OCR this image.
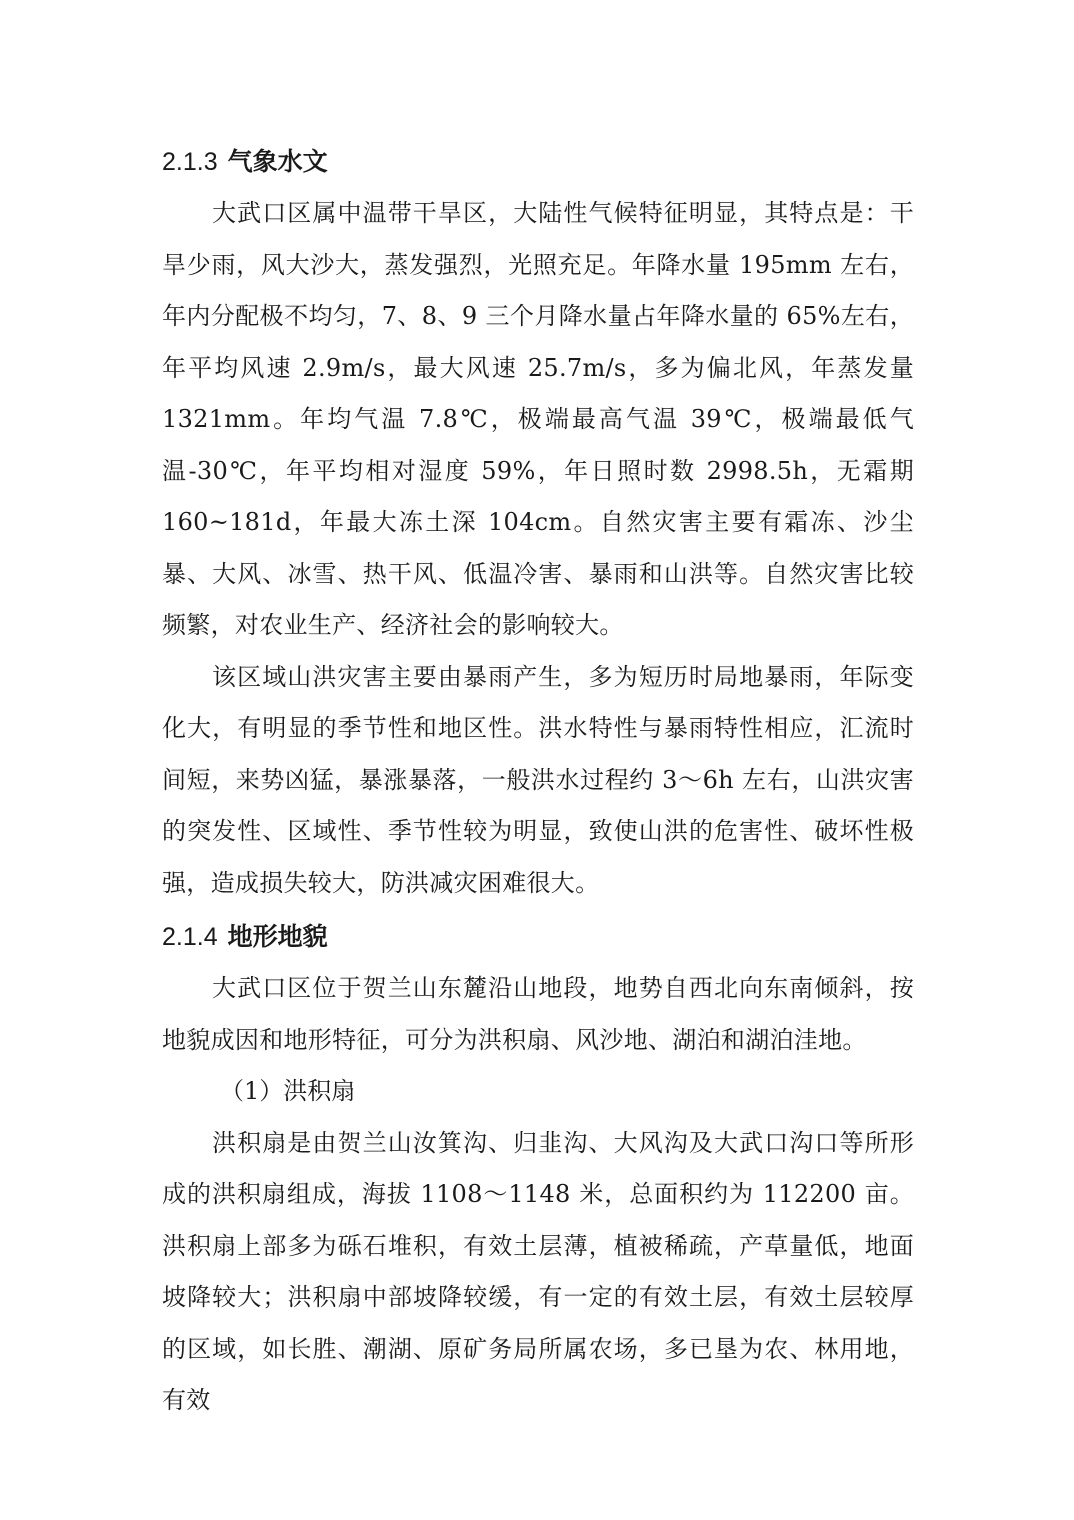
2.1.3 气象水文

大武口区属中温带干旱区，大陆性气候特征明显，其特点是：干旱少雨，风大沙大，蒸发强烈，光照充足。年降水量 195mm 左右，年内分配极不均匀，7、8、9 三个月降水量占年降水量的 65%左右，年平均风速 2.9m/s，最大风速 25.7m/s，多为偏北风，年蒸发量 1321mm。年均气温 7.8℃，极端最高气温 39℃，极端最低气温-30℃，年平均相对湿度 59%，年日照时数 2998.5h，无霜期 160~181d，年最大冻土深 104cm。自然灾害主要有霜冻、沙尘暴、大风、冰雪、热干风、低温冷害、暴雨和山洪等。自然灾害比较频繁，对农业生产、经济社会的影响较大。

该区域山洪灾害主要由暴雨产生，多为短历时局地暴雨，年际变化大，有明显的季节性和地区性。洪水特性与暴雨特性相应，汇流时间短，来势凶猛，暴涨暴落，一般洪水过程约 3～6h 左右，山洪灾害的突发性、区域性、季节性较为明显，致使山洪的危害性、破坏性极强，造成损失较大，防洪减灾困难很大。

2.1.4 地形地貌

大武口区位于贺兰山东麓沿山地段，地势自西北向东南倾斜，按地貌成因和地形特征，可分为洪积扇、风沙地、湖泊和湖泊洼地。

（1）洪积扇

洪积扇是由贺兰山汝箕沟、归韭沟、大风沟及大武口沟口等所形成的洪积扇组成，海拔 1108～1148 米，总面积约为 112200 亩。洪积扇上部多为砾石堆积，有效土层薄，植被稀疏，产草量低，地面坡降较大；洪积扇中部坡降较缓，有一定的有效土层，有效土层较厚的区域，如长胜、潮湖、原矿务局所属农场，多已垦为农、林用地，有效
